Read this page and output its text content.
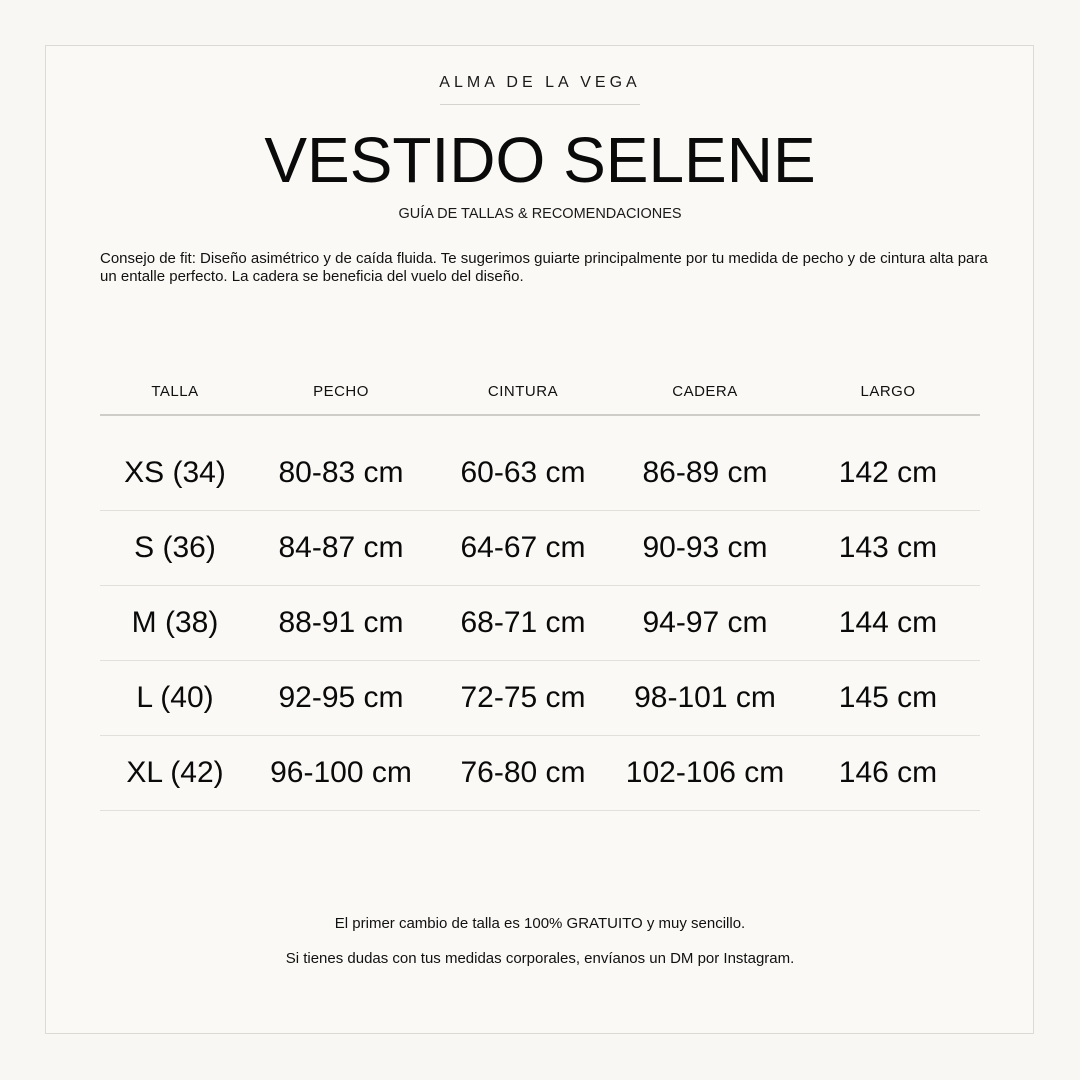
ALMA DE LA VEGA
VESTIDO SELENE
GUÍA DE TALLAS & RECOMENDACIONES
Consejo de fit: Diseño asimétrico y de caída fluida. Te sugerimos guiarte principalmente por tu medida de pecho y de cintura alta para un entalle perfecto. La cadera se beneficia del vuelo del diseño.
TALLA	PECHO	CINTURA	CADERA	LARGO

XS (34)	80-83 cm	60-63 cm	86-89 cm	142 cm
S (36)	84-87 cm	64-67 cm	90-93 cm	143 cm
M (38)	88-91 cm	68-71 cm	94-97 cm	144 cm
L (40)	92-95 cm	72-75 cm	98-101 cm	145 cm
XL (42)	96-100 cm	76-80 cm	102-106 cm	146 cm
El primer cambio de talla es 100% GRATUITO y muy sencillo.
Si tienes dudas con tus medidas corporales, envíanos un DM por Instagram.
